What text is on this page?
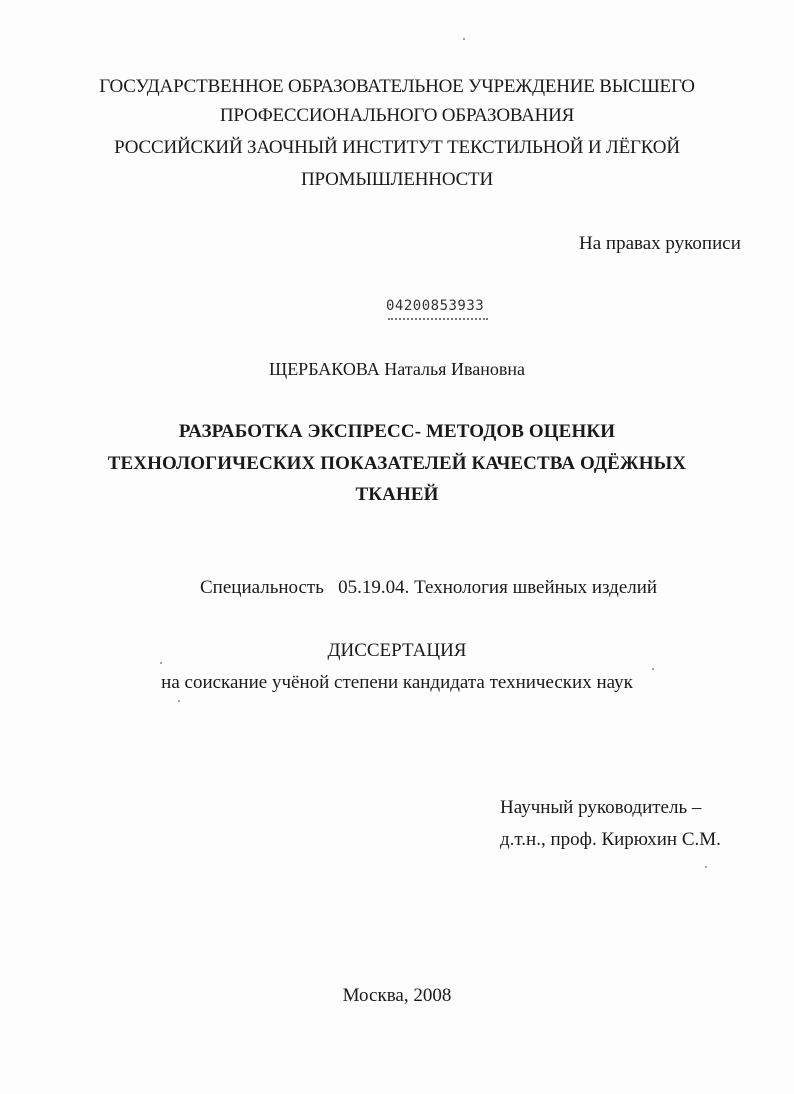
ГОСУДАРСТВЕННОЕ ОБРАЗОВАТЕЛЬНОЕ УЧРЕЖДЕНИЕ ВЫСШЕГО
ПРОФЕССИОНАЛЬНОГО ОБРАЗОВАНИЯ
РОССИЙСКИЙ ЗАОЧНЫЙ ИНСТИТУТ ТЕКСТИЛЬНОЙ И ЛЁГКОЙ
ПРОМЫШЛЕННОСТИ
На правах рукописи
04200853933
ЩЕРБАКОВА Наталья Ивановна
РАЗРАБОТКА ЭКСПРЕСС- МЕТОДОВ ОЦЕНКИ
ТЕХНОЛОГИЧЕСКИХ ПОКАЗАТЕЛЕЙ КАЧЕСТВА ОДЁЖНЫХ
ТКАНЕЙ
Специальность   05.19.04. Технология швейных изделий
ДИССЕРТАЦИЯ
на соискание учёной степени кандидата технических наук
Научный руководитель –
д.т.н., проф. Кирюхин С.М.
Москва, 2008
